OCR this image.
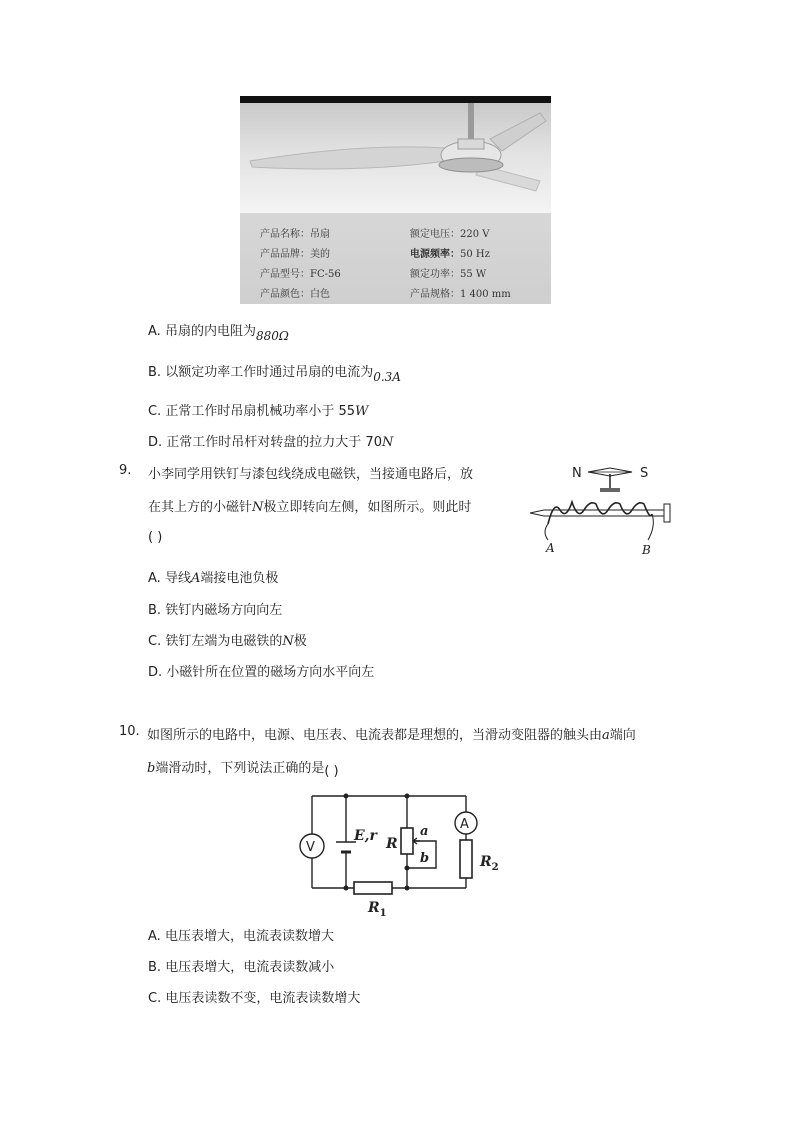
产品名称：吊扇
产品品牌：美的
产品型号：FC-56
产品颜色：白色
额定电压：220 V
电源频率：50 Hz
额定功率：55 W
产品规格：1 400 mm
A. 吊扇的内电阻为880Ω
B. 以额定功率工作时通过吊扇的电流为0.3A
C. 正常工作时吊扇机械功率小于 55W
D. 正常工作时吊杆对转盘的拉力大于 70N
9. 小李同学用铁钉与漆包线绕成电磁铁，当接通电路后，放
在其上方的小磁针N极立即转向左侧，如图所示。则此时
( )
N	S
A	B
A. 导线A端接电池负极
B. 铁钉内磁场方向向左
C. 铁钉左端为电磁铁的N极
D. 小磁针所在位置的磁场方向水平向左
10. 如图所示的电路中，电源、电压表、电流表都是理想的，当滑动变阻器的触头由a端向
b端滑动时，下列说法正确的是( )
V
E,r R
a
b
A
$R_2$
$R_1$
A. 电压表增大，电流表读数增大
B. 电压表增大，电流表读数减小
C. 电压表读数不变，电流表读数增大
